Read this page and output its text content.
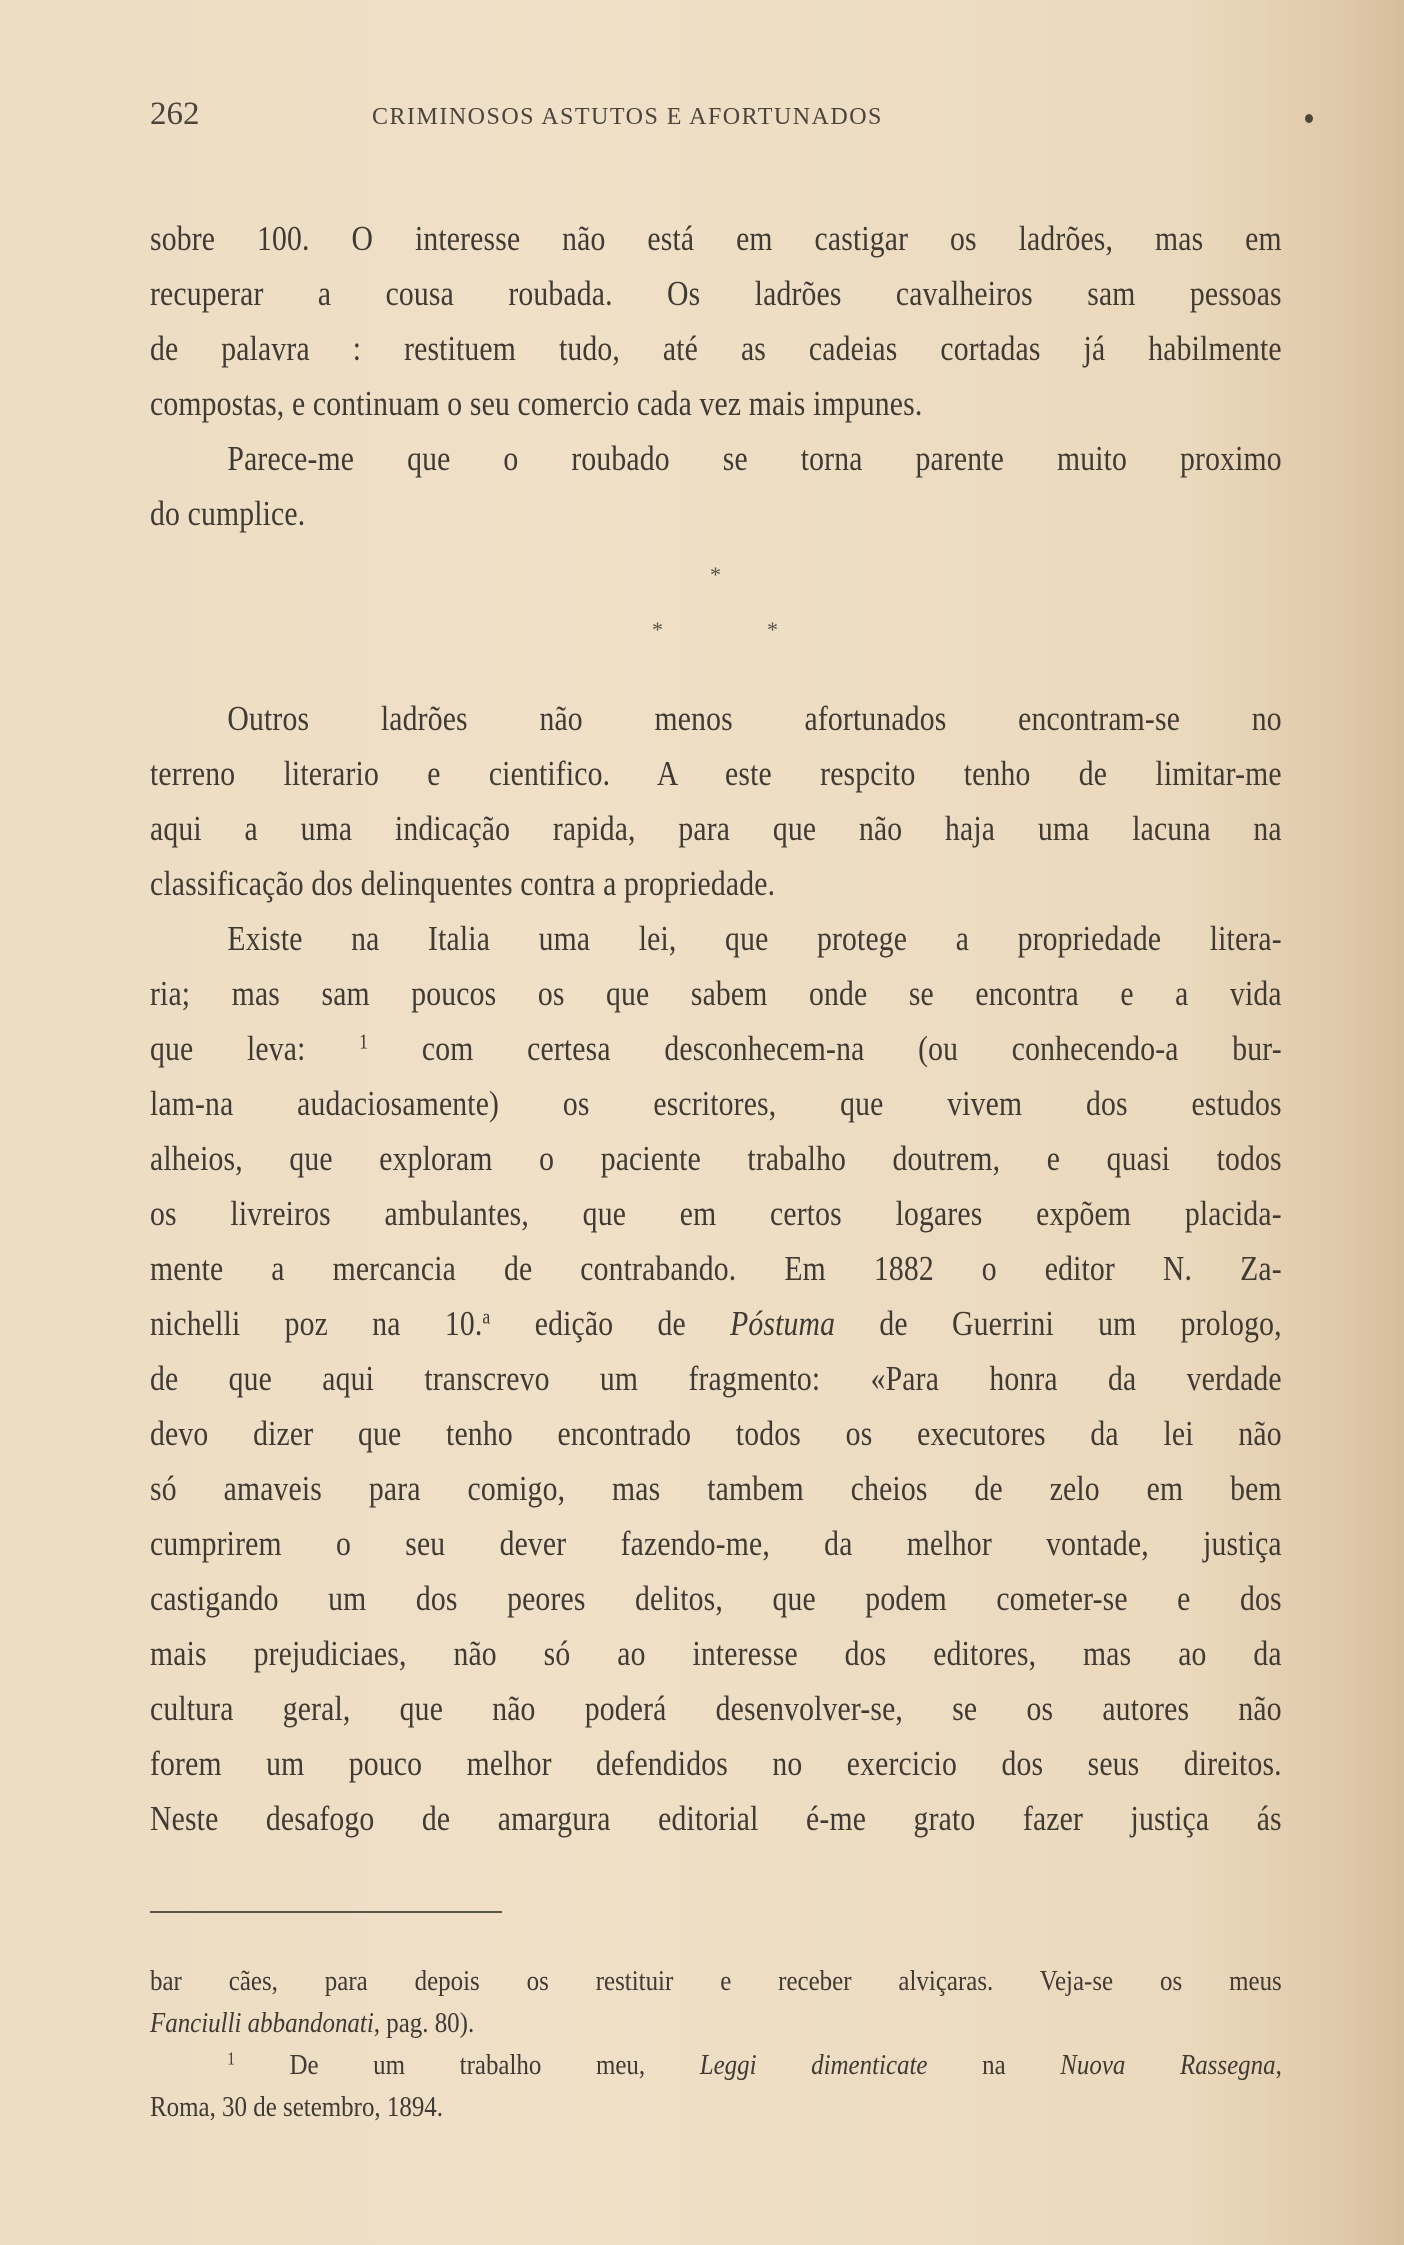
262	CRIMINOSOS ASTUTOS E AFORTUNADOS
sobre 100. O interesse não está em castigar os ladrões, mas em
recuperar a cousa roubada. Os ladrões cavalheiros sam pessoas
de palavra : restituem tudo, até as cadeias cortadas já habilmente
compostas, e continuam o seu comercio cada vez mais impunes.
Parece-me que o roubado se torna parente muito proximo
do cumplice.
*
*	*
Outros ladrões não menos afortunados encontram-se no
terreno literario e cientifico. A este respcito tenho de limitar-me
aqui a uma indicação rapida, para que não haja uma lacuna na
classificação dos delinquentes contra a propriedade.
Existe na Italia uma lei, que protege a propriedade litera-
ria; mas sam poucos os que sabem onde se encontra e a vida
que leva:	$^1$ com certesa desconhecem-na (ou conhecendo-a bur-
lam-na audaciosamente) os escritores, que vivem dos estudos
alheios, que exploram o paciente trabalho doutrem, e quasi todos
os livreiros ambulantes, que em certos logares expõem placida-
mente a mercancia de contrabando. Em 1882 o editor N. Za-
nichelli poz na 10.$^a$ edição de Póstuma de Guerrini um prologo,
de que aqui transcrevo um fragmento: «Para honra da verdade
devo dizer que tenho encontrado todos os executores da lei não
só amaveis para comigo, mas tambem cheios de zelo em bem
cumprirem o seu dever fazendo-me, da melhor vontade, justiça
castigando um dos peores delitos, que podem cometer-se e dos
mais prejudiciaes, não só ao interesse dos editores, mas ao da
cultura geral, que não poderá desenvolver-se, se os autores não
forem um pouco melhor defendidos no exercicio dos seus direitos.
Neste desafogo de amargura editorial é-me grato fazer justiça ás
bar cães, para depois os restituir e receber alviçaras. Veja-se os meus
Fanciulli abbandonati, pag. 80).
$^1$ De um trabalho meu, Leggi dimenticate na Nuova Rassegna,
Roma, 30 de setembro, 1894.
